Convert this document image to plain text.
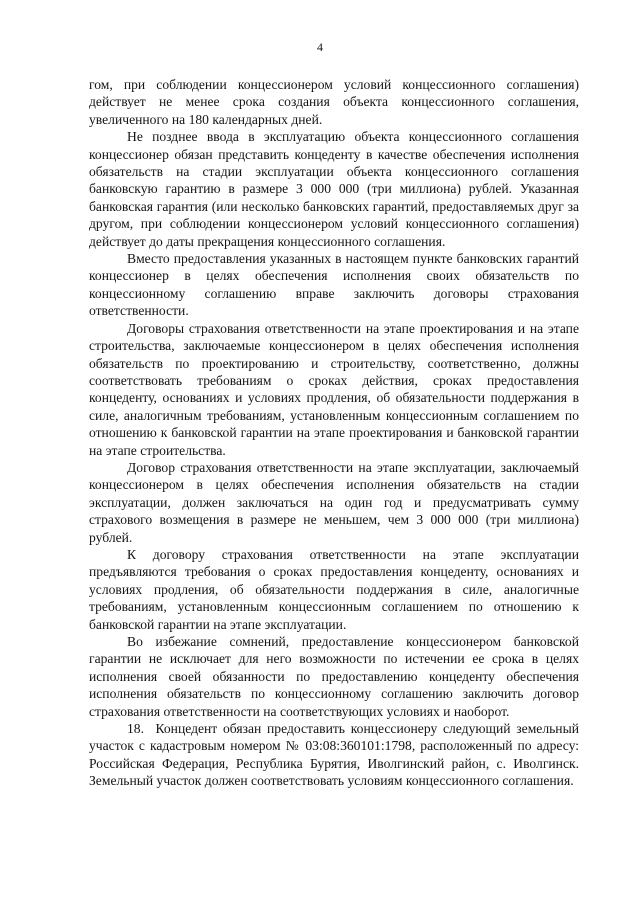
4

гом, при соблюдении концессионером условий концессионного соглашения) действует не менее срока создания объекта концессионного соглашения, увеличенного на 180 календарных дней.

Не позднее ввода в эксплуатацию объекта концессионного соглашения концессионер обязан представить концеденту в качестве обеспечения исполнения обязательств на стадии эксплуатации объекта концессионного соглашения банковскую гарантию в размере 3 000 000 (три миллиона) рублей. Указанная банковская гарантия (или несколько банковских гарантий, предоставляемых друг за другом, при соблюдении концессионером условий концессионного соглашения) действует до даты прекращения концессионного соглашения.

Вместо предоставления указанных в настоящем пункте банковских гарантий концессионер в целях обеспечения исполнения своих обязательств по концессионному соглашению вправе заключить договоры страхования ответственности.

Договоры страхования ответственности на этапе проектирования и на этапе строительства, заключаемые концессионером в целях обеспечения исполнения обязательств по проектированию и строительству, соответственно, должны соответствовать требованиям о сроках действия, сроках предоставления концеденту, основаниях и условиях продления, об обязательности поддержания в силе, аналогичным требованиям, установленным концессионным соглашением по отношению к банковской гарантии на этапе проектирования и банковской гарантии на этапе строительства.

Договор страхования ответственности на этапе эксплуатации, заключаемый концессионером в целях обеспечения исполнения обязательств на стадии эксплуатации, должен заключаться на один год и предусматривать сумму страхового возмещения в размере не меньшем, чем 3 000 000 (три миллиона) рублей.

К договору страхования ответственности на этапе эксплуатации предъявляются требования о сроках предоставления концеденту, основаниях и условиях продления, об обязательности поддержания в силе, аналогичные требованиям, установленным концессионным соглашением по отношению к банковской гарантии на этапе эксплуатации.

Во избежание сомнений, предоставление концессионером банковской гарантии не исключает для него возможности по истечении ее срока в целях исполнения своей обязанности по предоставлению концеденту обеспечения исполнения обязательств по концессионному соглашению заключить договор страхования ответственности на соответствующих условиях и наоборот.

18.  Концедент обязан предоставить концессионеру следующий земельный участок с кадастровым номером № 03:08:360101:1798, расположенный по адресу: Российская Федерация, Республика Бурятия, Иволгинский район, с. Иволгинск. Земельный участок должен соответствовать условиям концессионного соглашения.
